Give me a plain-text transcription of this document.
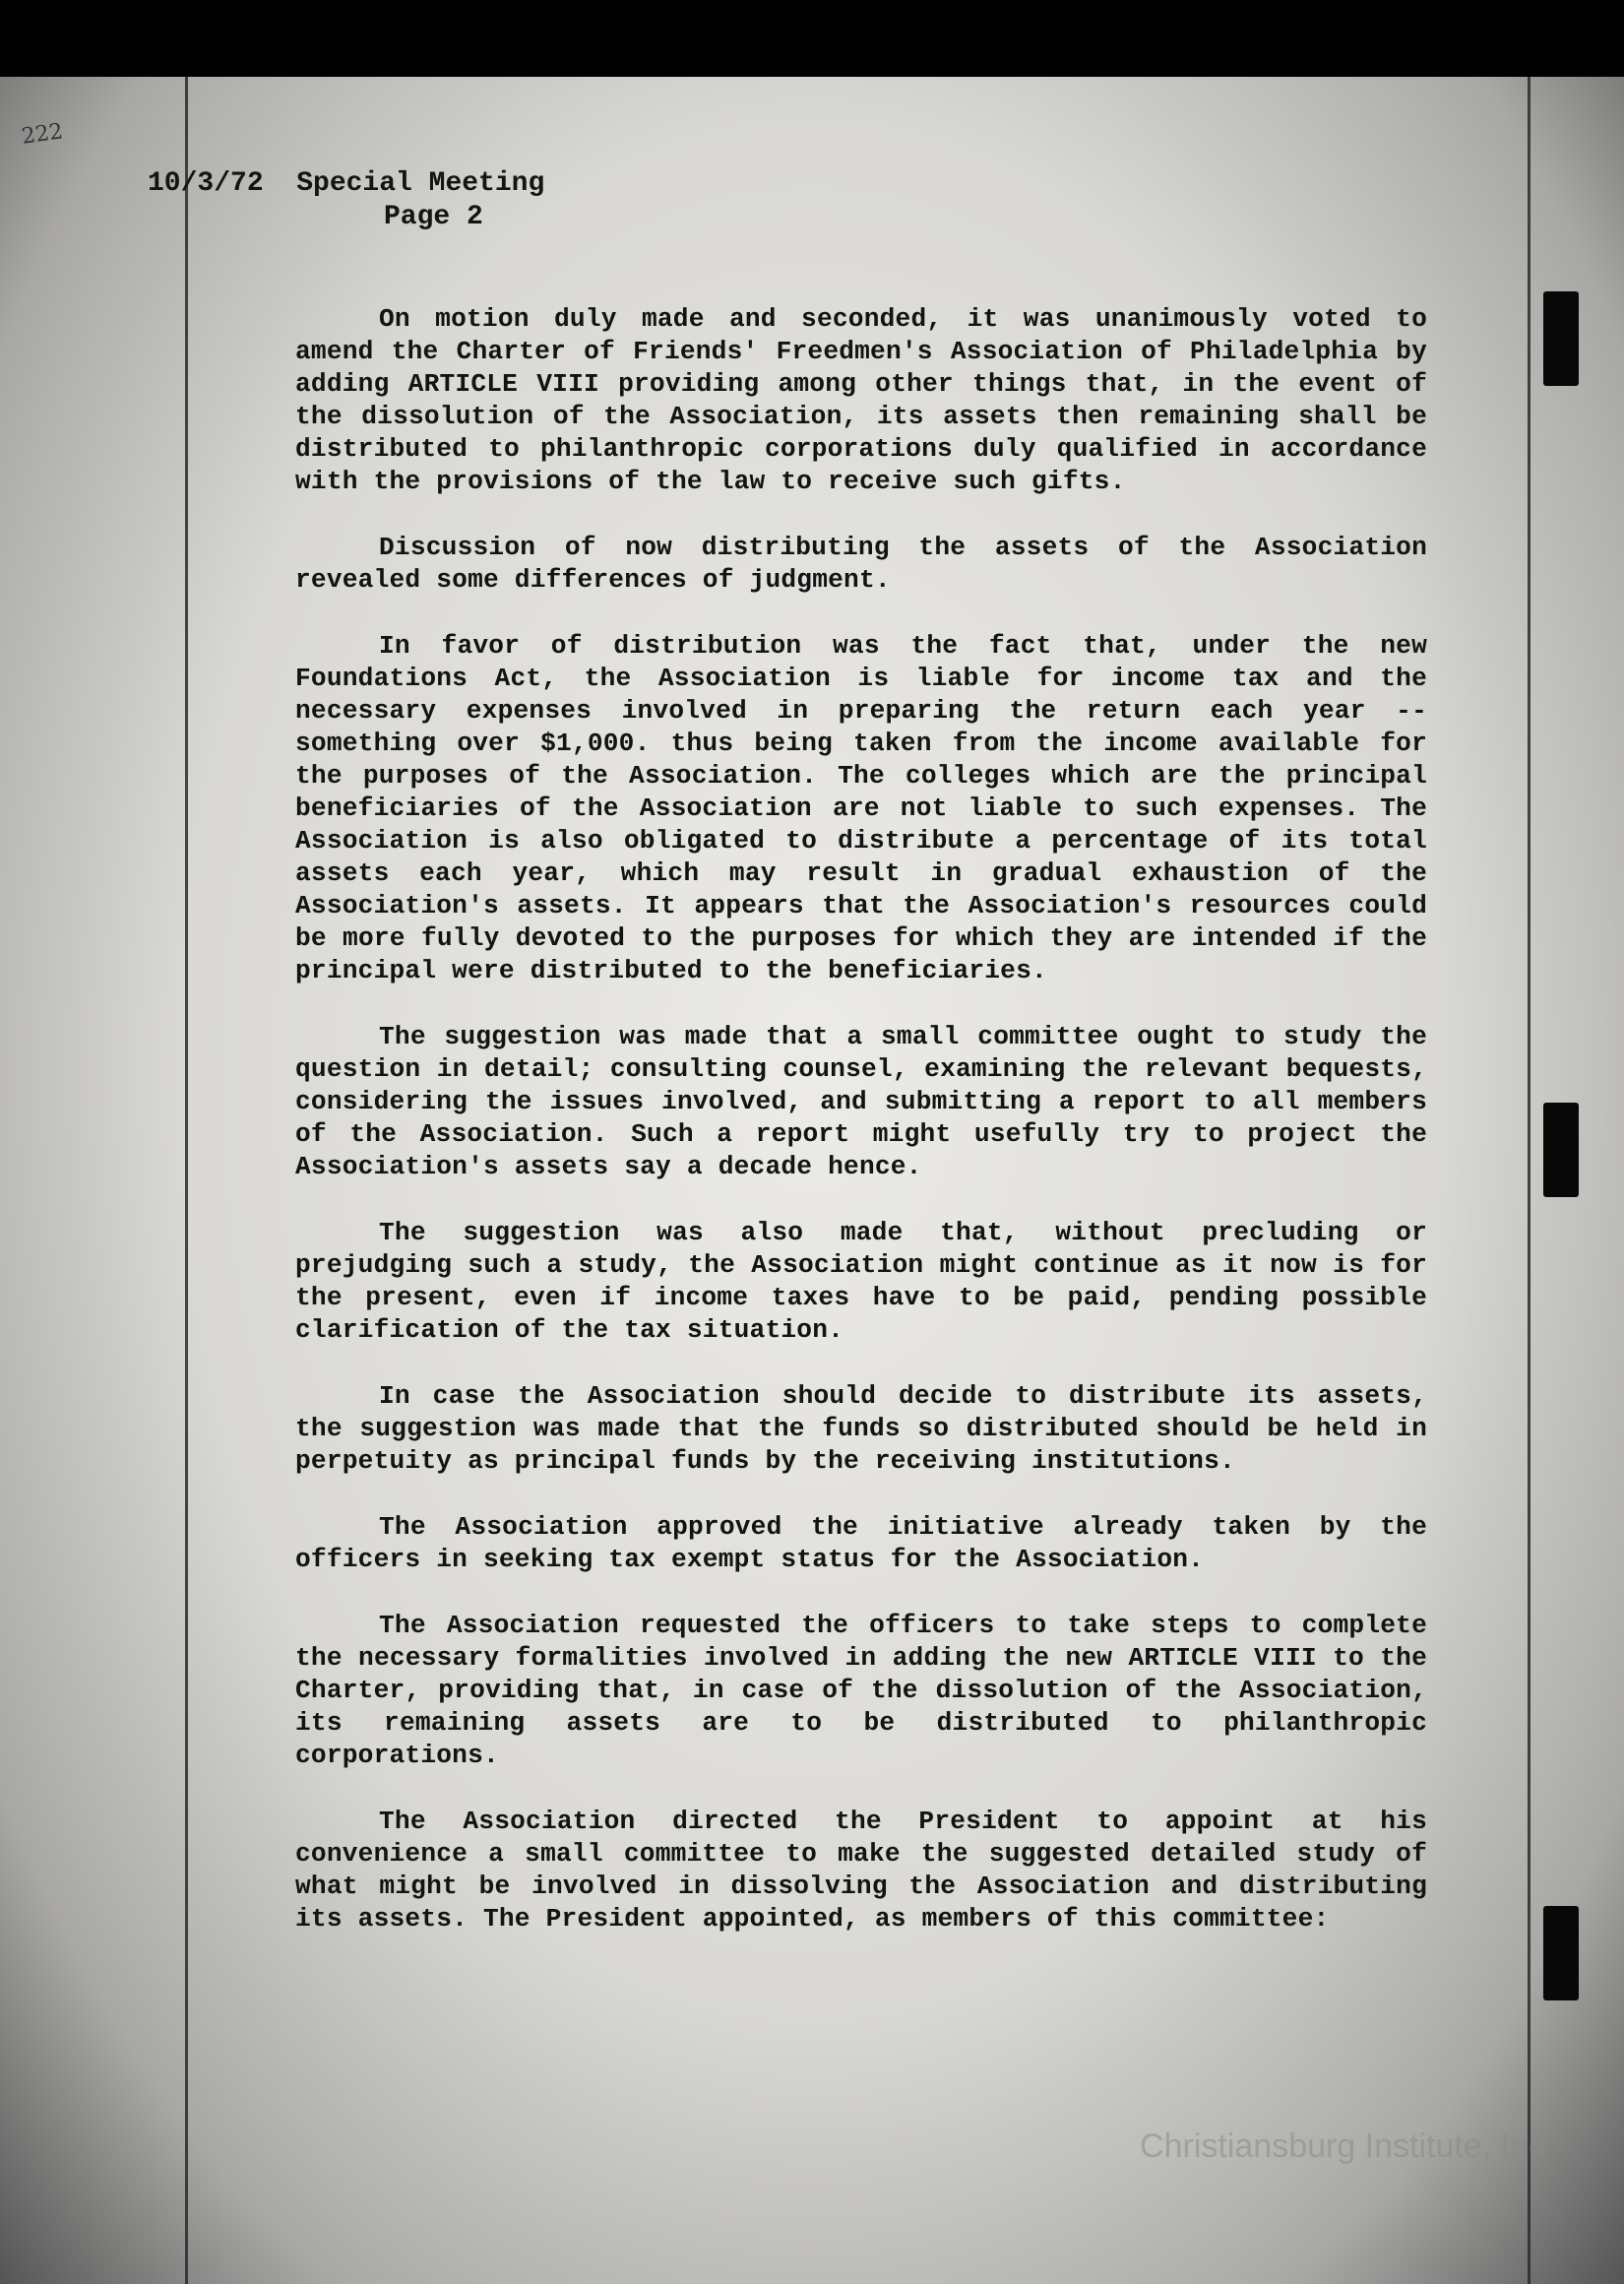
222
10/3/72  Special Meeting
Page 2

On motion duly made and seconded, it was unanimously voted to amend the Charter of Friends' Freedmen's Association of Philadelphia by adding ARTICLE VIII providing among other things that, in the event of the dissolution of the Association, its assets then remaining shall be distributed to philanthropic corporations duly qualified in accordance with the provisions of the law to receive such gifts.

Discussion of now distributing the assets of the Association revealed some differences of judgment.

In favor of distribution was the fact that, under the new Foundations Act, the Association is liable for income tax and the necessary expenses involved in preparing the return each year -- something over $1,000. thus being taken from the income available for the purposes of the Association. The colleges which are the principal beneficiaries of the Association are not liable to such expenses. The Association is also obligated to distribute a percentage of its total assets each year, which may result in gradual exhaustion of the Association's assets. It appears that the Association's resources could be more fully devoted to the purposes for which they are intended if the principal were distributed to the beneficiaries.

The suggestion was made that a small committee ought to study the question in detail; consulting counsel, examining the relevant bequests, considering the issues involved, and submitting a report to all members of the Association. Such a report might usefully try to project the Association's assets say a decade hence.

The suggestion was also made that, without precluding or prejudging such a study, the Association might continue as it now is for the present, even if income taxes have to be paid, pending possible clarification of the tax situation.

In case the Association should decide to distribute its assets, the suggestion was made that the funds so distributed should be held in perpetuity as principal funds by the receiving institutions.

The Association approved the initiative already taken by the officers in seeking tax exempt status for the Association.

The Association requested the officers to take steps to complete the necessary formalities involved in adding the new ARTICLE VIII to the Charter, providing that, in case of the dissolution of the Association, its remaining assets are to be distributed to philanthropic corporations.

The Association directed the President to appoint at his convenience a small committee to make the suggested detailed study of what might be involved in dissolving the Association and distributing its assets. The President appointed, as members of this committee:

Christiansburg Institute, Inc
